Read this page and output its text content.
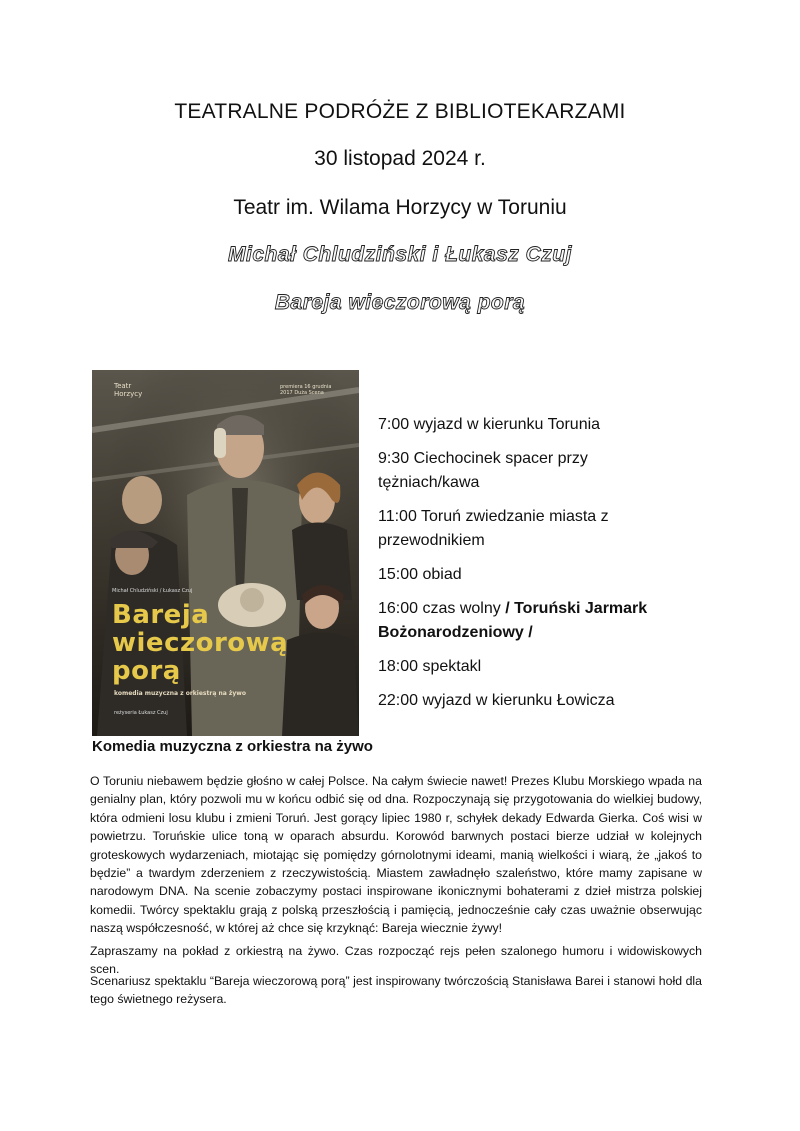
TEATRALNE PODRÓŻE Z BIBLIOTEKARZAMI
30 listopad 2024 r.
Teatr im. Wilama Horzycy w Toruniu
Michał Chludziński i Łukasz Czuj
Bareja wieczorową porą
Teatr Horzycy
premiera 16 grudnia 2017 Duża Scena
Michał Chludziński / Łukasz Czuj
Bareja
wieczorową
porą
komedia muzyczna z orkiestrą na żywo
reżyseria Łukasz Czuj
7:00 wyjazd w kierunku Torunia
9:30 Ciechocinek spacer przy tężniach/kawa
11:00 Toruń zwiedzanie miasta z przewodnikiem
15:00 obiad
16:00 czas wolny / Toruński Jarmark Bożonarodzeniowy /
18:00 spektakl
22:00 wyjazd w kierunku Łowicza
Komedia muzyczna z orkiestra na żywo

O Toruniu niebawem będzie głośno w całej Polsce. Na całym świecie nawet! Prezes Klubu Morskiego wpada na genialny plan, który pozwoli mu w końcu odbić się od dna. Rozpoczynają się przygotowania do wielkiej budowy, która odmieni losu klubu i zmieni Toruń. Jest gorący lipiec 1980 r, schyłek dekady Edwarda Gierka. Coś wisi w powietrzu. Toruńskie ulice toną w oparach absurdu. Korowód barwnych postaci bierze udział w kolejnych groteskowych wydarzeniach, miotając się pomiędzy górnolotnymi ideami, manią wielkości i wiarą, że „jakoś to będzie” a twardym zderzeniem z rzeczywistością. Miastem zawładnęło szaleństwo, które mamy zapisane w narodowym DNA. Na scenie zobaczymy postaci inspirowane ikonicznymi bohaterami z dzieł mistrza polskiej komedii. Twórcy spektaklu grają z polską przeszłością i pamięcią, jednocześnie cały czas uważnie obserwując naszą współczesność, w której aż chce się krzyknąć: Bareja wiecznie żywy!

Zapraszamy na pokład z orkiestrą na żywo. Czas rozpocząć rejs pełen szalonego humoru i widowiskowych scen.

Scenariusz spektaklu “Bareja wieczorową porą” jest inspirowany twórczością Stanisława Barei i stanowi hołd dla tego świetnego reżysera.
